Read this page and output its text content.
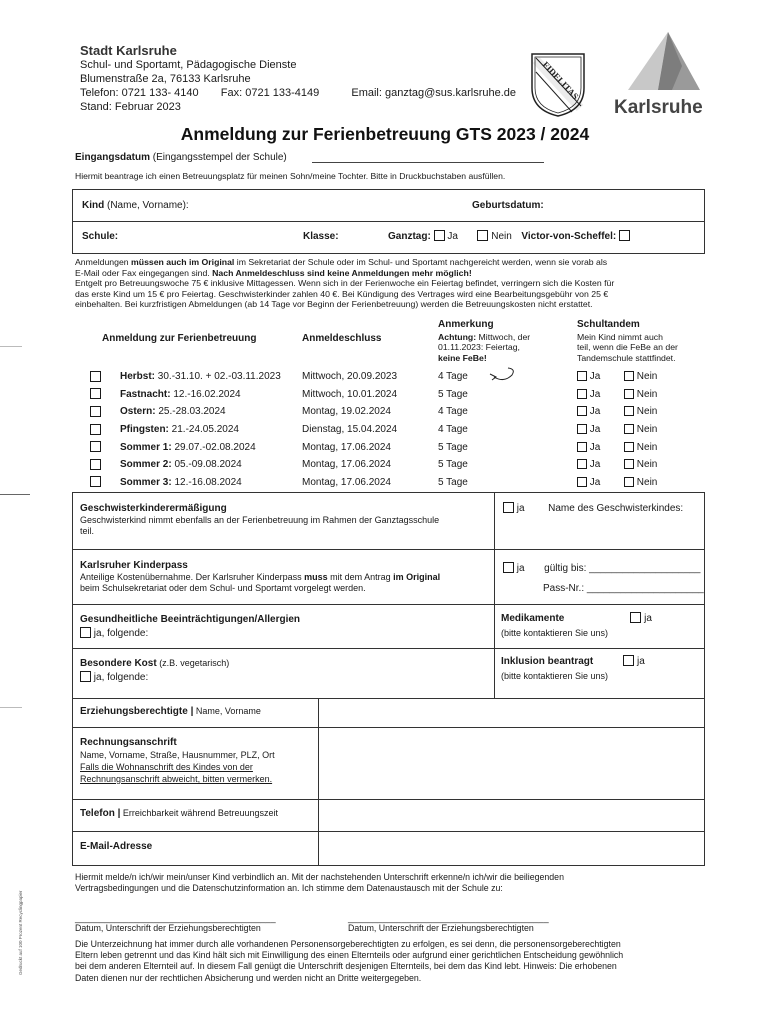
Stadt Karlsruhe
Schul- und Sportamt, Pädagogische Dienste
Blumenstraße 2a, 76133 Karlsruhe
Telefon: 0721 133- 4140 Fax: 0721 133-4149	Email: ganztag@sus.karlsruhe.de
Stand: Februar 2023
FIDELITAS
Karlsruhe
Anmeldung zur Ferienbetreuung GTS 2023 / 2024
Eingangsdatum (Eingangsstempel der Schule)
Hiermit beantrage ich einen Betreuungsplatz für meinen Sohn/meine Tochter. Bitte in Druckbuchstaben ausfüllen.
Kind (Name, Vorname):	Geburtsdatum:
Schule:	Klasse:	Ganztag: Ja	Nein Victor-von-Scheffel:
Anmeldungen müssen auch im Original im Sekretariat der Schule oder im Schul- und Sportamt nachgereicht werden, wenn sie vorab als
E-Mail oder Fax eingegangen sind. Nach Anmeldeschluss sind keine Anmeldungen mehr möglich!
Entgelt pro Betreuungswoche 75 € inklusive Mittagessen. Wenn sich in der Ferienwoche ein Feiertag befindet, verringern sich die Kosten für
das erste Kind um 15 € pro Feiertag. Geschwisterkinder zahlen 40 €. Bei Kündigung des Vertrages wird eine Bearbeitungsgebühr von 25 €
einbehalten. Bei kurzfristigen Abmeldungen (ab 14 Tage vor Beginn der Ferienbetreuung) werden die Betreuungskosten nicht erstattet.
Anmeldung zur Ferienbetreuung	Anmeldeschluss
Anmerkung
Achtung: Mittwoch, der
01.11.2023: Feiertag,
keine FeBe!
Schultandem
Mein Kind nimmt auch
teil, wenn die FeBe an der
Tandemschule stattfindet.
	Herbst: 30.-31.10. + 02.-03.11.2023	Mittwoch, 20.09.2023	4 Tage	Ja	Nein
	Fastnacht: 12.-16.02.2024	Mittwoch, 10.01.2024	5 Tage	Ja	Nein
	Ostern: 25.-28.03.2024	Montag, 19.02.2024	4 Tage	Ja	Nein
	Pfingsten: 21.-24.05.2024	Dienstag, 15.04.2024	4 Tage	Ja	Nein
	Sommer 1: 29.07.-02.08.2024	Montag, 17.06.2024	5 Tage	Ja	Nein
	Sommer 2: 05.-09.08.2024	Montag, 17.06.2024	5 Tage	Ja	Nein
	Sommer 3: 12.-16.08.2024	Montag, 17.06.2024	5 Tage	Ja	Nein
Geschwisterkinderermäßigung
Geschwisterkind nimmt ebenfalls an der Ferienbetreuung im Rahmen der Ganztagsschule
teil.
ja Name des Geschwisterkindes:
Karlsruher Kinderpass
Anteilige Kostenübernahme. Der Karlsruher Kinderpass muss mit dem Antrag im Original
beim Schulsekretariat oder dem Schul- und Sportamt vorgelegt werden.
ja gültig bis: ____________________
Pass-Nr.: _____________________
Gesundheitliche Beeinträchtigungen/Allergien
ja, folgende:
Medikamente	ja
(bitte kontaktieren Sie uns)
Besondere Kost (z.B. vegetarisch)
ja, folgende:
Inklusion beantragt	ja
(bitte kontaktieren Sie uns)
Erziehungsberechtigte | Name, Vorname
Rechnungsanschrift
Name, Vorname, Straße, Hausnummer, PLZ, Ort
Falls die Wohnanschrift des Kindes von der
Rechnungsanschrift abweicht, bitten vermerken.
Telefon | Erreichbarkeit während Betreuungszeit
E-Mail-Adresse
Hiermit melde/n ich/wir mein/unser Kind verbindlich an. Mit der nachstehenden Unterschrift erkenne/n ich/wir die beiliegenden
Vertragsbedingungen und die Datenschutzinformation an. Ich stimme dem Datenaustausch mit der Schule zu:
_________________________________________
Datum, Unterschrift der Erziehungsberechtigten
_________________________________________
Datum, Unterschrift der Erziehungsberechtigten
Die Unterzeichnung hat immer durch alle vorhandenen Personensorgeberechtigten zu erfolgen, es sei denn, die personensorgeberechtigten
Eltern leben getrennt und das Kind hält sich mit Einwilligung des einen Elternteils oder aufgrund einer gerichtlichen Entscheidung gewöhnlich
bei dem anderen Elternteil auf. In diesem Fall genügt die Unterschrift desjenigen Elternteils, bei dem das Kind lebt. Hinweis: Die erhobenen
Daten dienen nur der rechtlichen Absicherung und werden nicht an Dritte weitergegeben.
Gedruckt auf 100 Prozent Recyclingpapier
